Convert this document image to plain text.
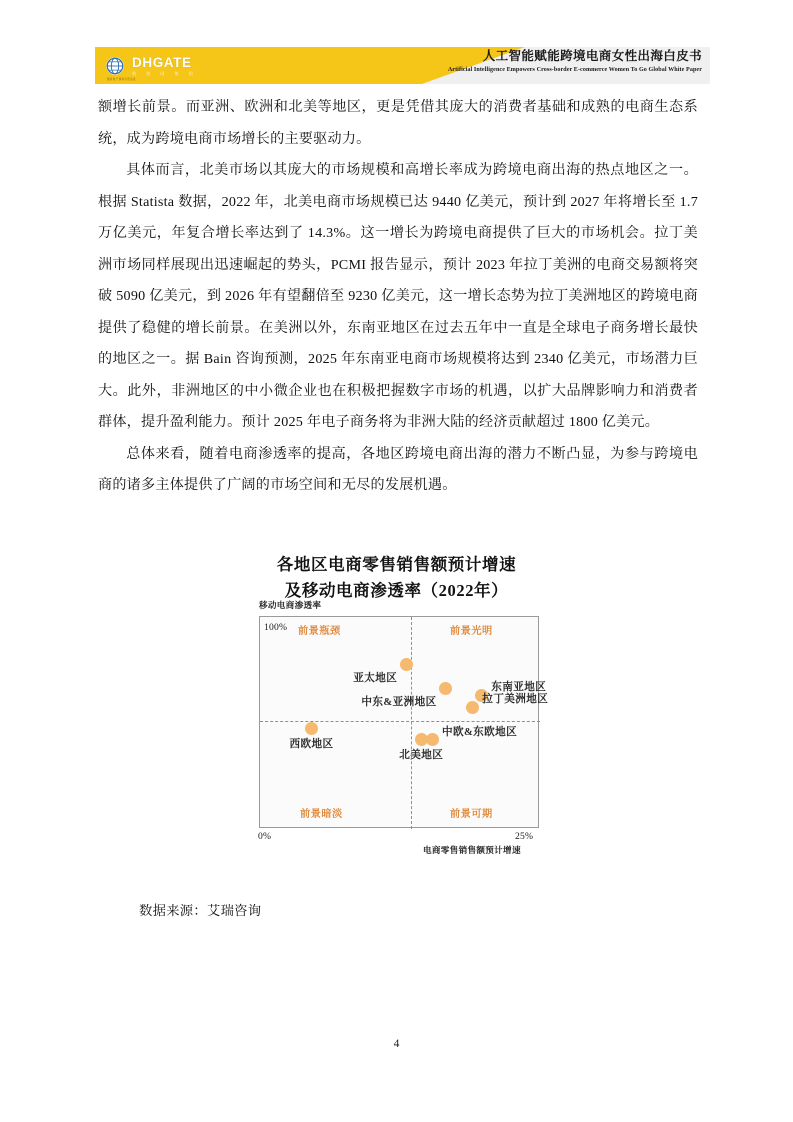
国家电子商务示范企业
DHGATE
敦 煌 网 集 团
人工智能赋能跨境电商女性出海白皮书
Artificial Intelligence Empowers Cross-border E-commerce Women To Go Global White Paper

额增长前景。而亚洲、欧洲和北美等地区，更是凭借其庞大的消费者基础和成熟的电商生态系统，成为跨境电商市场增长的主要驱动力。

具体而言，北美市场以其庞大的市场规模和高增长率成为跨境电商出海的热点地区之一。根据 Statista 数据，2022 年，北美电商市场规模已达 9440 亿美元，预计到 2027 年将增长至 1.7 万亿美元，年复合增长率达到了 14.3%。这一增长为跨境电商提供了巨大的市场机会。拉丁美洲市场同样展现出迅速崛起的势头，PCMI 报告显示，预计 2023 年拉丁美洲的电商交易额将突破 5090 亿美元，到 2026 年有望翻倍至 9230 亿美元，这一增长态势为拉丁美洲地区的跨境电商提供了稳健的增长前景。在美洲以外，东南亚地区在过去五年中一直是全球电子商务增长最快的地区之一。据 Bain 咨询预测，2025 年东南亚电商市场规模将达到 2340 亿美元，市场潜力巨大。此外，非洲地区的中小微企业也在积极把握数字市场的机遇，以扩大品牌影响力和消费者群体，提升盈利能力。预计 2025 年电子商务将为非洲大陆的经济贡献超过 1800 亿美元。

总体来看，随着电商渗透率的提高，各地区跨境电商出海的潜力不断凸显，为参与跨境电商的诸多主体提供了广阔的市场空间和无尽的发展机遇。

各地区电商零售销售额预计增速
及移动电商渗透率（2022年）
移动电商渗透率
100% 前景瓶颈	前景光明
前景暗淡	前景可期
亚太地区
东南亚地区
中东&亚洲地区	拉丁美洲地区
西欧地区
中欧&东欧地区
北美地区
0%	25%
电商零售销售额预计增速
数据来源：艾瑞咨询
4
